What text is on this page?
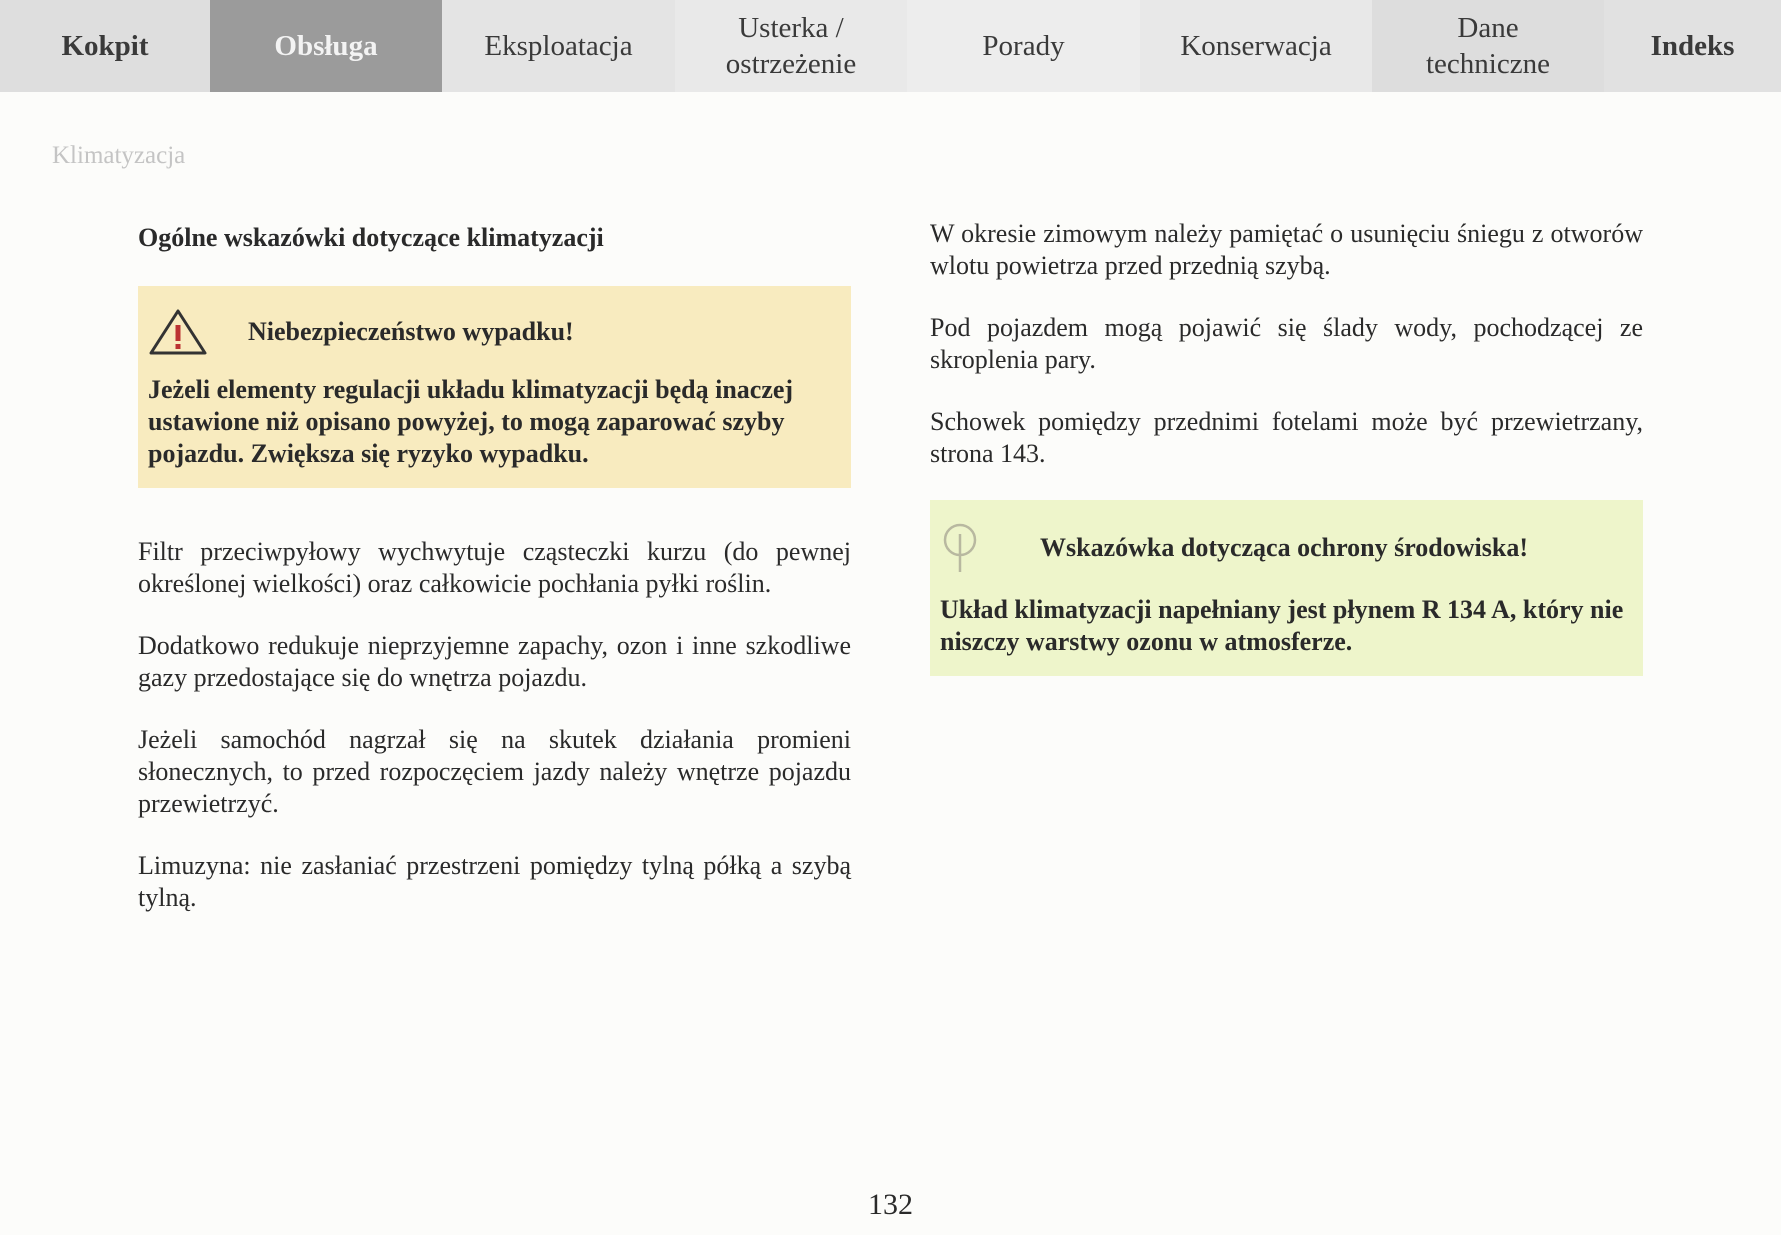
Kokpit	Obsługa	Eksploatacja
Usterka /
ostrzeżenie
Porady	Konserwacja
Dane
techniczne
Indeks
Klimatyzacja
Ogólne wskazówki dotyczące klimatyzacji
Niebezpieczeństwo wypadku!
Jeżeli elementy regulacji układu klimatyzacji będą inaczej ustawione niż opisano powyżej, to mogą zaparować szyby pojazdu. Zwiększa się ryzyko wypadku.

Filtr przeciwpyłowy wychwytuje cząsteczki kurzu (do pewnej określonej wielkości) oraz całkowicie pochłania pyłki roślin.

Dodatkowo redukuje nieprzyjemne zapachy, ozon i inne szkodliwe gazy przedostające się do wnętrza pojazdu.

Jeżeli samochód nagrzał się na skutek działania promieni słonecznych, to przed rozpoczęciem jazdy należy wnętrze pojazdu przewietrzyć.

Limuzyna: nie zasłaniać przestrzeni pomiędzy tylną półką a szybą tylną.

W okresie zimowym należy pamiętać o usunięciu śniegu z otworów wlotu powietrza przed przednią szybą.

Pod pojazdem mogą pojawić się ślady wody, pochodzącej ze skroplenia pary.

Schowek pomiędzy przednimi fotelami może być przewietrzany, strona 143.

Wskazówka dotycząca ochrony środowiska!
Układ klimatyzacji napełniany jest płynem R 134 A, który nie niszczy warstwy ozonu w atmosferze.
132
